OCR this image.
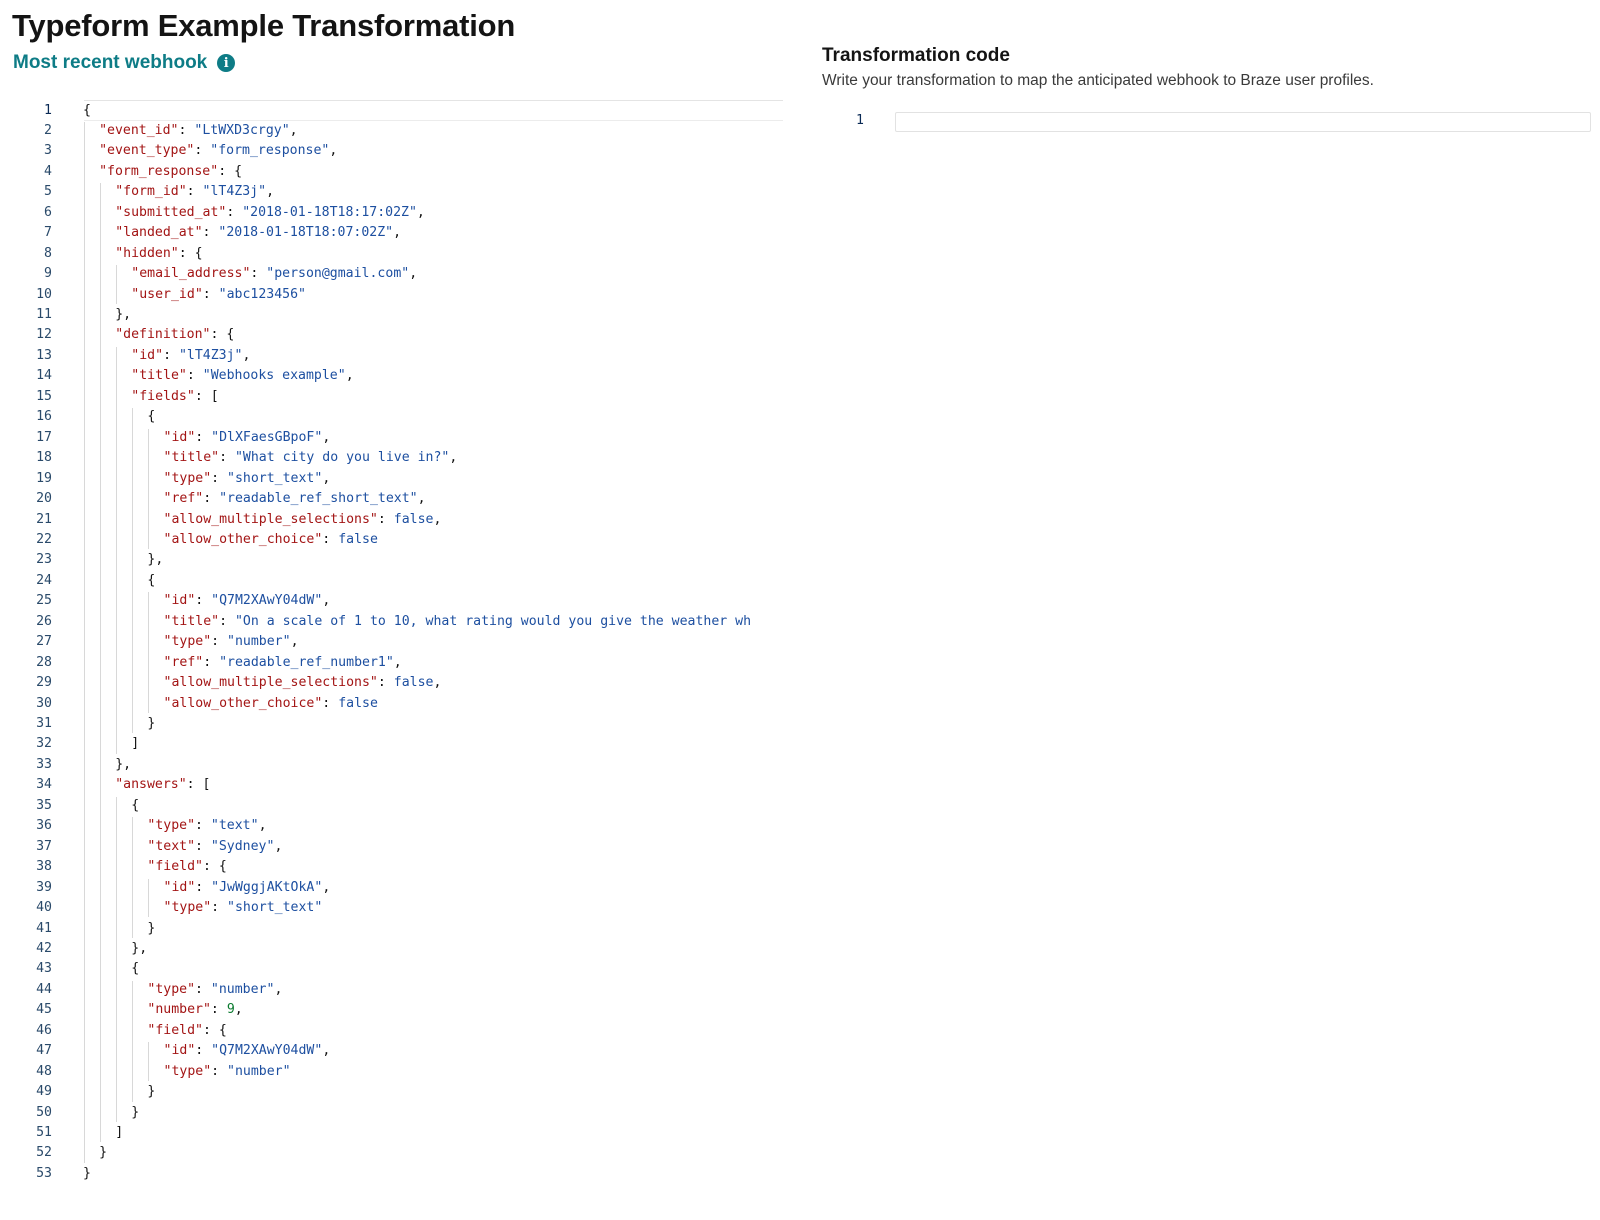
Typeform Example Transformation
Most recent webhook	i
1 {
2	"event_id": "LtWXD3crgy",
3	"event_type": "form_response",
4	"form_response": {
5	"form_id": "lT4Z3j",
6	"submitted_at": "2018-01-18T18:17:02Z",
7	"landed_at": "2018-01-18T18:07:02Z",
8	"hidden": {
9	"email_address": "person@gmail.com",
10	"user_id": "abc123456"
11	},
12	"definition": {
13	"id": "lT4Z3j",
14	"title": "Webhooks example",
15	"fields": [
16	{
17	"id": "DlXFaesGBpoF",
18	"title": "What city do you live in?",
19	"type": "short_text",
20	"ref": "readable_ref_short_text",
21	"allow_multiple_selections": false,
22	"allow_other_choice": false
23	},
24	{
25	"id": "Q7M2XAwY04dW",
26	"title": "On a scale of 1 to 10, what rating would you give the weather wh
27	"type": "number",
28	"ref": "readable_ref_number1",
29	"allow_multiple_selections": false,
30	"allow_other_choice": false
31	}
32	]
33	},
34	"answers": [
35	{
36	"type": "text",
37	"text": "Sydney",
38	"field": {
39	"id": "JwWggjAKtOkA",
40	"type": "short_text"
41	}
42	},
43	{
44	"type": "number",
45	"number": 9,
46	"field": {
47	"id": "Q7M2XAwY04dW",
48	"type": "number"
49	}
50	}
51	]
52	}
53 }
Transformation code
Write your transformation to map the anticipated webhook to Braze user profiles.
1
